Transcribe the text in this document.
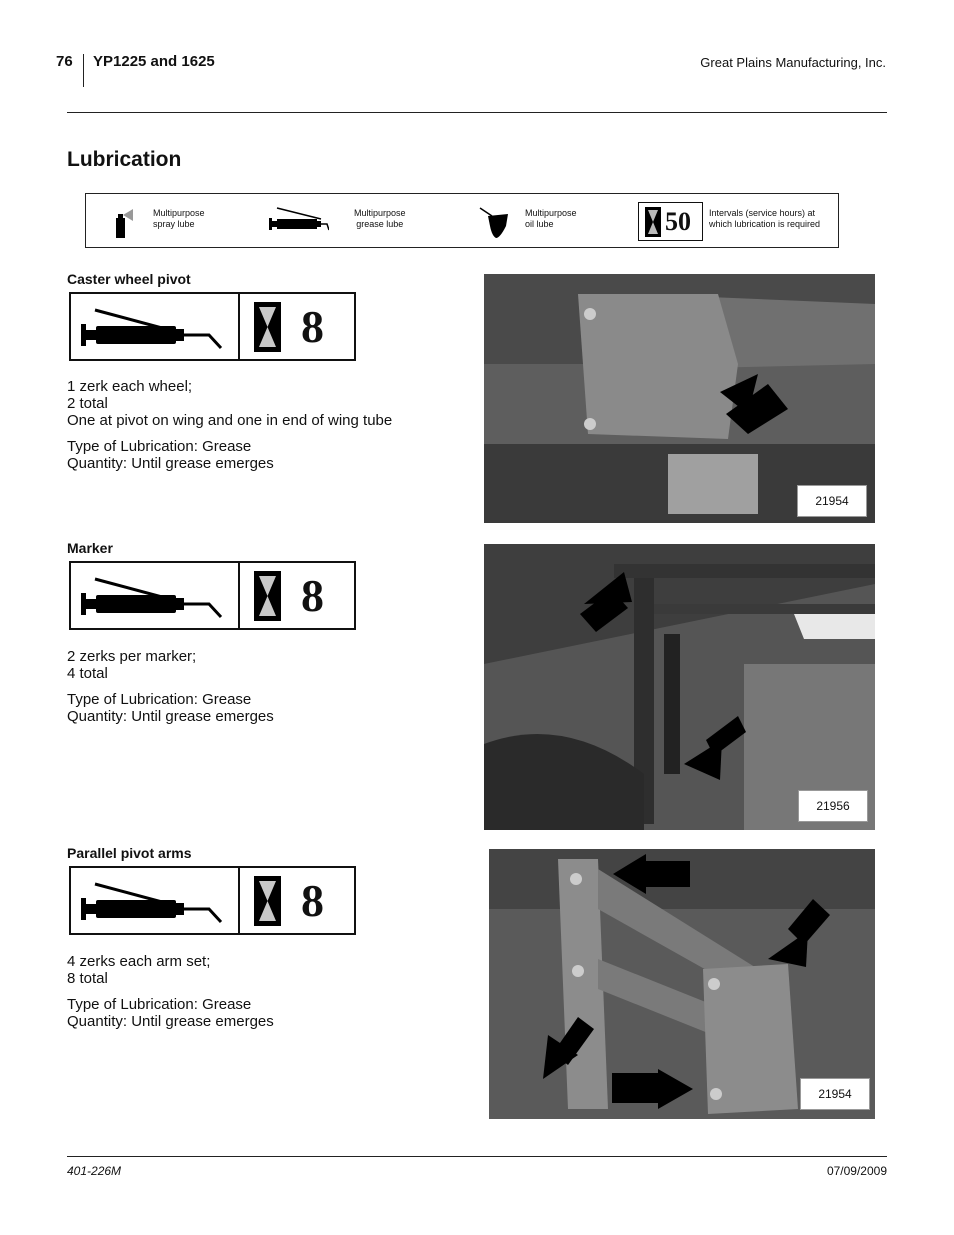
76 YP1225 and 1625	Great Plains Manufacturing, Inc.
Lubrication
Multipurpose
spray lube
Multipurpose
grease lube
Multipurpose
oil lube	50 Intervals (service hours) at
which lubrication is required
Caster wheel pivot
8
1 zerk each wheel;
2 total
One at pivot on wing and one in end of wing tube
Type of Lubrication: Grease
Quantity: Until grease emerges
21954
Marker
8
2 zerks per marker;
4 total
Type of Lubrication: Grease
Quantity: Until grease emerges
21956
Parallel pivot arms
8
4 zerks each arm set;
8 total
Type of Lubrication: Grease
Quantity: Until grease emerges
21954
401-226M	07/09/2009
